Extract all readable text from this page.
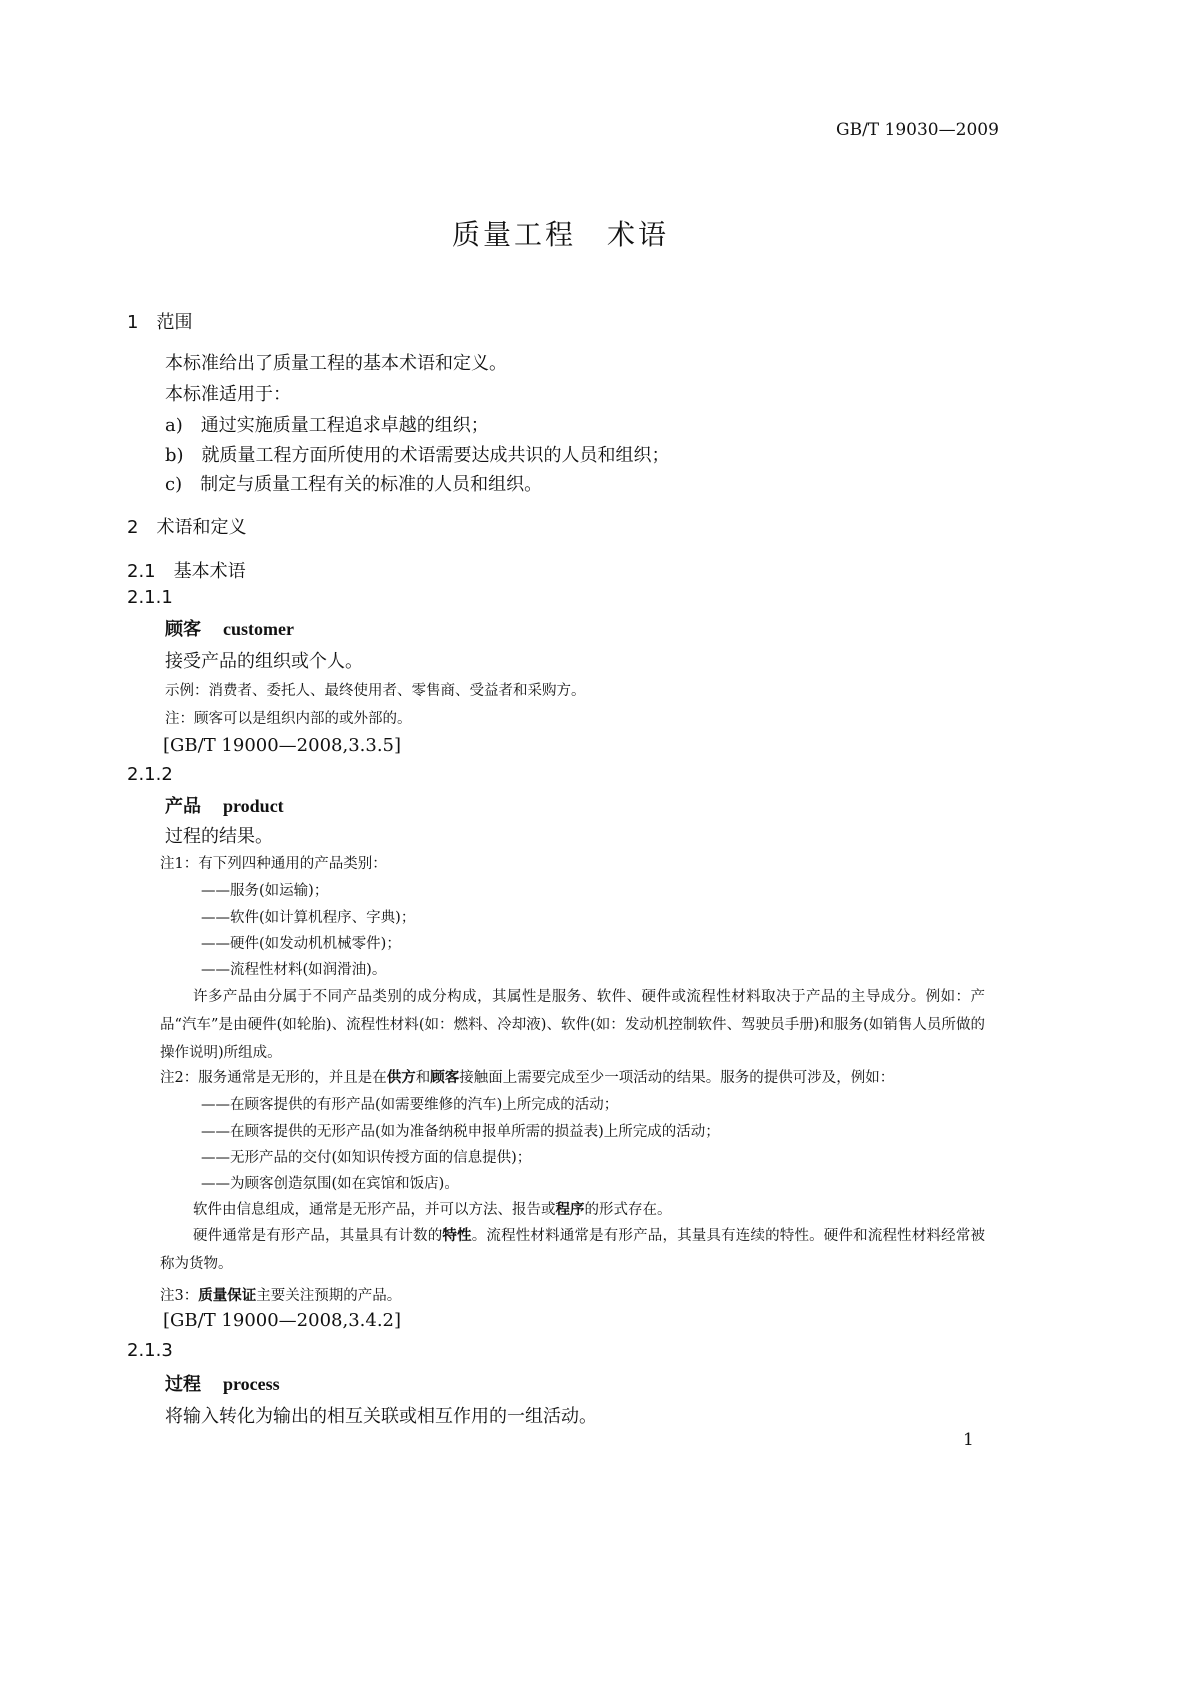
GB/T 19030—2009
质量工程　术语
1　范围
本标准给出了质量工程的基本术语和定义。
本标准适用于：
a)　通过实施质量工程追求卓越的组织；
b)　就质量工程方面所使用的术语需要达成共识的人员和组织；
c)　制定与质量工程有关的标准的人员和组织。
2　术语和定义
2.1　基本术语
2.1.1
顾客 customer
接受产品的组织或个人。
示例：消费者、委托人、最终使用者、零售商、受益者和采购方。
注：顾客可以是组织内部的或外部的。
[GB/T 19000—2008,3.3.5]
2.1.2
产品 product
过程的结果。
注1：有下列四种通用的产品类别：
——服务(如运输)；
——软件(如计算机程序、字典)；
——硬件(如发动机机械零件)；
——流程性材料(如润滑油)。
许多产品由分属于不同产品类别的成分构成，其属性是服务、软件、硬件或流程性材料取决于产品的主导成分。例如：产品“汽车”是由硬件(如轮胎)、流程性材料(如：燃料、冷却液)、软件(如：发动机控制软件、驾驶员手册)和服务(如销售人员所做的操作说明)所组成。
注2：服务通常是无形的，并且是在供方和顾客接触面上需要完成至少一项活动的结果。服务的提供可涉及，例如：
——在顾客提供的有形产品(如需要维修的汽车)上所完成的活动；
——在顾客提供的无形产品(如为准备纳税申报单所需的损益表)上所完成的活动；
——无形产品的交付(如知识传授方面的信息提供)；
——为顾客创造氛围(如在宾馆和饭店)。
软件由信息组成，通常是无形产品，并可以方法、报告或程序的形式存在。
硬件通常是有形产品，其量具有计数的特性。流程性材料通常是有形产品，其量具有连续的特性。硬件和流程性材料经常被称为货物。
注3：质量保证主要关注预期的产品。
[GB/T 19000—2008,3.4.2]
2.1.3
过程 process
将输入转化为输出的相互关联或相互作用的一组活动。
1
